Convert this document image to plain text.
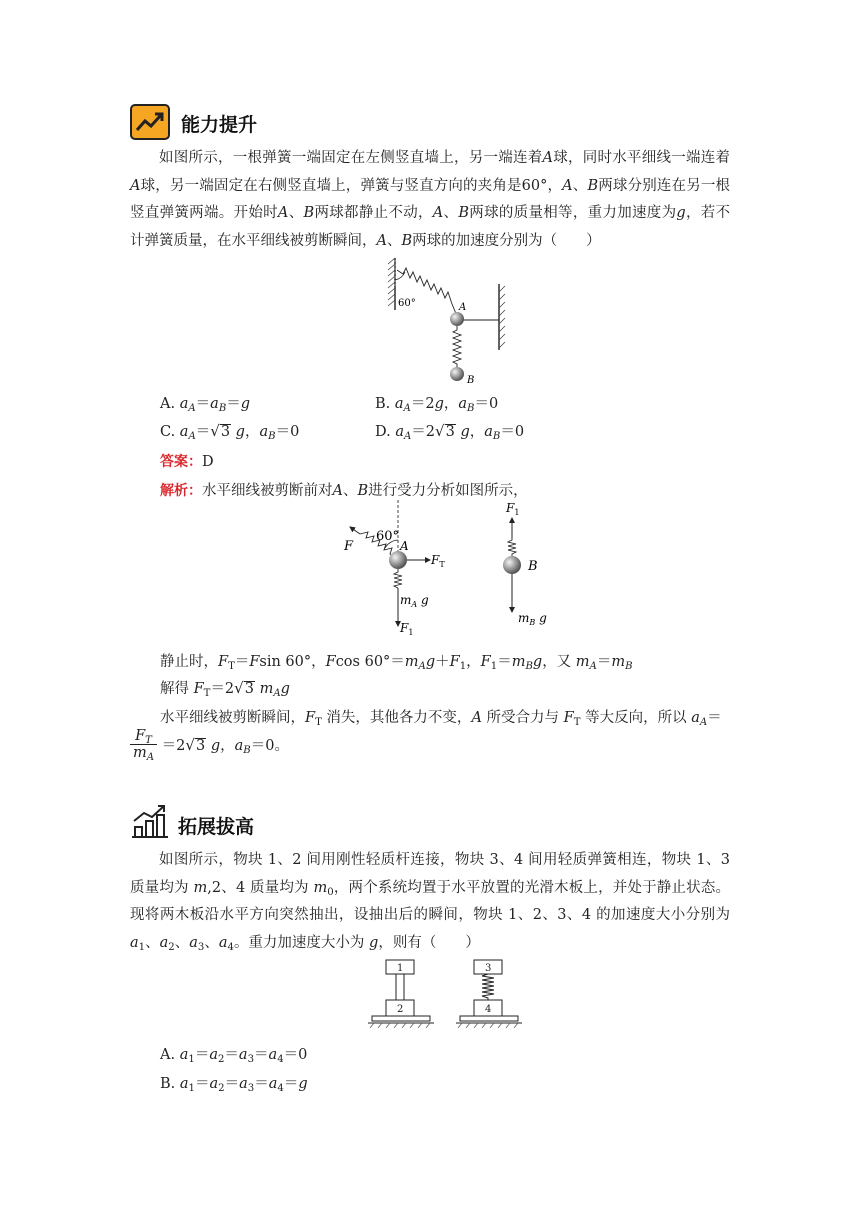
能力提升

如图所示，一根弹簧一端固定在左侧竖直墙上，另一端连着A球，同时水平细线一端连着A球，另一端固定在右侧竖直墙上，弹簧与竖直方向的夹角是60°，A、B两球分别连在另一根竖直弹簧两端。开始时A、B两球都静止不动，A、B两球的质量相等，重力加速度为g，若不计弹簧质量，在水平细线被剪断瞬间，A、B两球的加速度分别为（　　）

60°	A
B
A. $a_A=a_B=g$	B. $a_A=2g$，$a_B=0$
C. $a_A=√3$ g，$a_B=0$	D. $a_A=2√3$ g，$a_B=0$
答案：D
解析：水平细线被剪断前对A、B进行受力分析如图所示，
60°
F	A
$F_T$
$m_A$ g
$F_1$
$F_1$
B
$m_B$ g
静止时，$F_T=Fsin$ 60°，Fcos $60^\circ=m_Ag+F_1$，$F_1=m_Bg$，又 $m_A=m_B$
解得 $F_T=2√3$ $m_Ag$
水平细线被剪断瞬间，$F_T$ 消失，其他各力不变，A 所受合力与 $F_T$ 等大反向，所以 $a_A=$
$\frac{F_T}{m_A} =2√3$ g，$a_B=0$。
拓展拔高

如图所示，物块 1、2 间用刚性轻质杆连接，物块 3、4 间用轻质弹簧相连，物块 1、3 质量均为 m,2、4 质量均为 $m_0$，两个系统均置于水平放置的光滑木板上，并处于静止状态。现将两木板沿水平方向突然抽出，设抽出后的瞬间，物块 1、2、3、4 的加速度大小分别为 $a_1$、$a_2$、$a_3$、$a_4$。重力加速度大小为 g，则有（　　）

1
2
3
4
A. $a_1=a_2=a_3=a_4=0$
B. $a_1=a_2=a_3=a_4=g$
